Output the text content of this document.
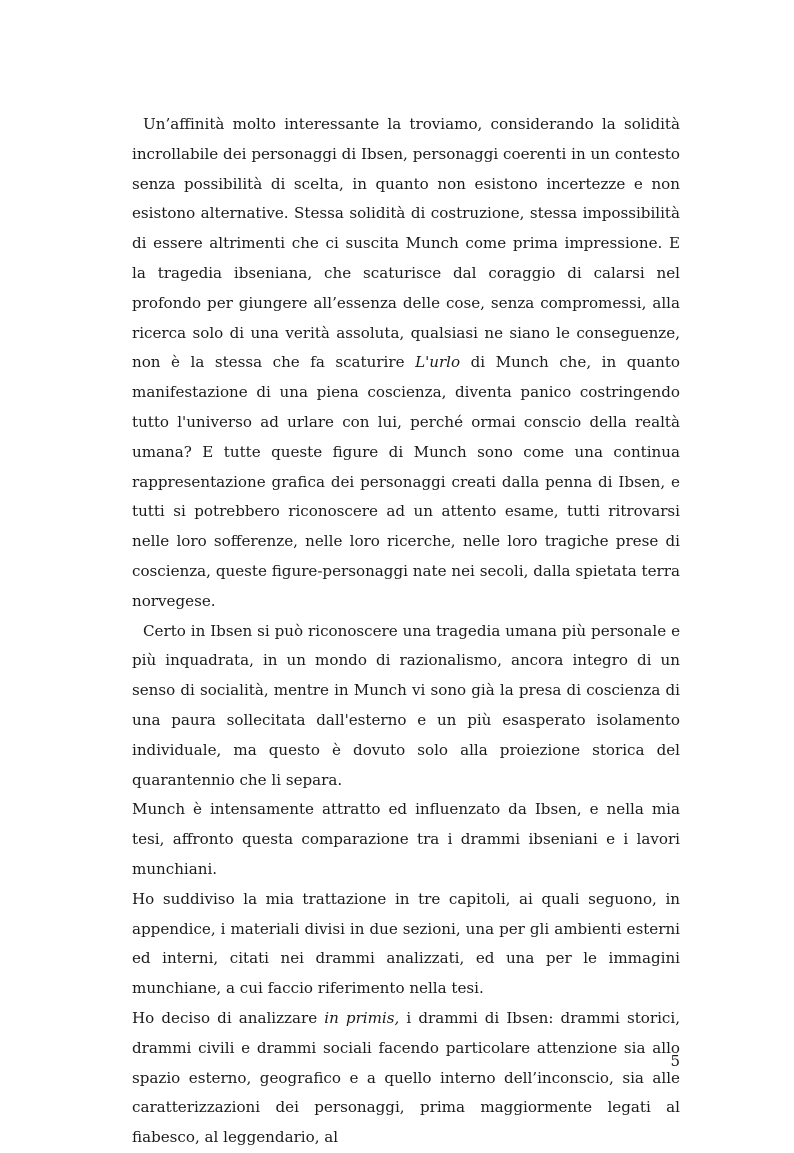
Un’affinità molto interessante la troviamo, considerando la solidità incrollabile dei personaggi di Ibsen, personaggi coerenti in un contesto senza possibilità di scelta, in quanto non esistono incertezze e non esistono alternative. Stessa solidità di costruzione, stessa impossibilità di essere altrimenti che ci suscita Munch come prima impressione. E la tragedia ibseniana, che scaturisce dal coraggio di calarsi nel profondo per giungere all’essenza delle cose, senza compromessi, alla ricerca solo di una verità assoluta, qualsiasi ne siano le conseguenze, non è la stessa che fa scaturire L'urlo di Munch che, in quanto manifestazione di una piena coscienza, diventa panico costringendo tutto l'universo ad urlare con lui, perché ormai conscio della realtà umana? E tutte queste figure di Munch sono come una continua rappresentazione grafica dei personaggi creati dalla penna di Ibsen, e tutti si potrebbero riconoscere ad un attento esame, tutti ritrovarsi nelle loro sofferenze, nelle loro ricerche, nelle loro tragiche prese di coscienza, queste figure-personaggi nate nei secoli, dalla spietata terra norvegese.

Certo in Ibsen si può riconoscere una tragedia umana più personale e più inquadrata, in un mondo di razionalismo, ancora integro di un senso di socialità, mentre in Munch vi sono già la presa di coscienza di una paura sollecitata dall'esterno e un più esasperato isolamento individuale, ma questo è dovuto solo alla proiezione storica del quarantennio che li separa.

Munch è intensamente attratto ed influenzato da Ibsen, e nella mia tesi, affronto questa comparazione tra i drammi ibseniani e i lavori munchiani.

Ho suddiviso la mia trattazione in tre capitoli, ai quali seguono, in appendice, i materiali divisi in due sezioni, una per gli ambienti esterni ed interni, citati nei drammi analizzati, ed una per le immagini munchiane, a cui faccio riferimento nella tesi.

Ho deciso di analizzare in primis, i drammi di Ibsen: drammi storici, drammi civili e drammi sociali facendo particolare attenzione sia allo spazio esterno, geografico e a quello interno dell’inconscio, sia alle caratterizzazioni dei personaggi, prima maggiormente legati al fiabesco, al leggendario, al

5
